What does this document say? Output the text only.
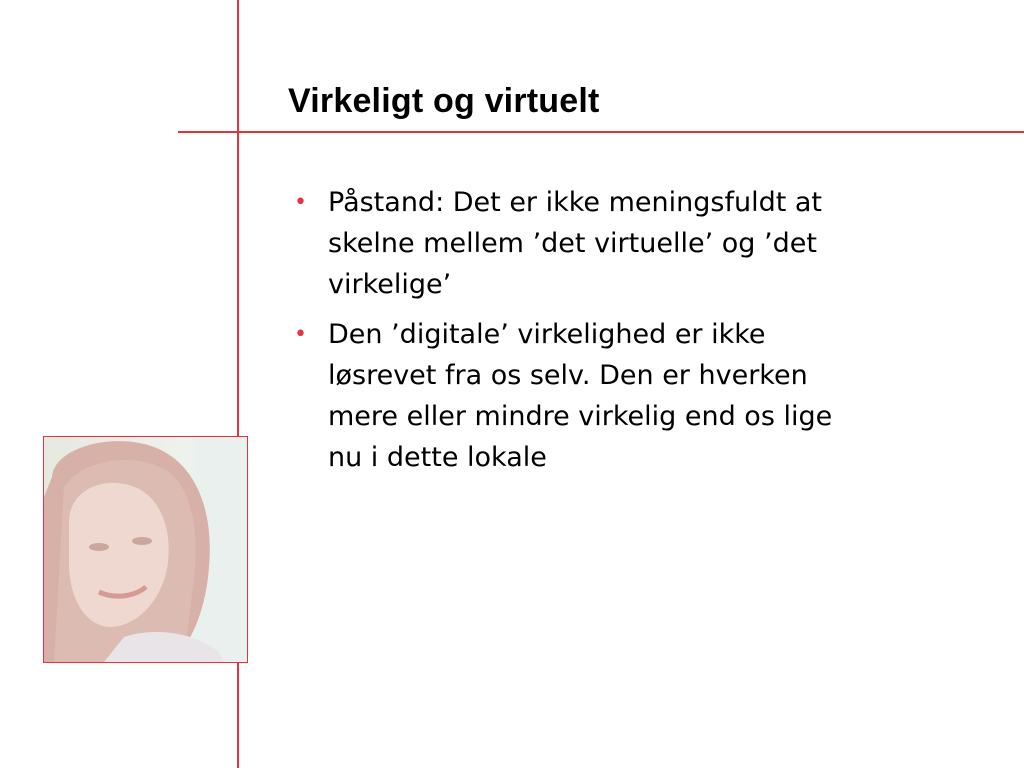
Virkeligt og virtuelt
• Påstand: Det er ikke meningsfuldt at skelne mellem ’det virtuelle’ og ’det virkelige’
• Den ’digitale’ virkelighed er ikke løsrevet fra os selv. Den er hverken mere eller mindre virkelig end os lige nu i dette lokale
